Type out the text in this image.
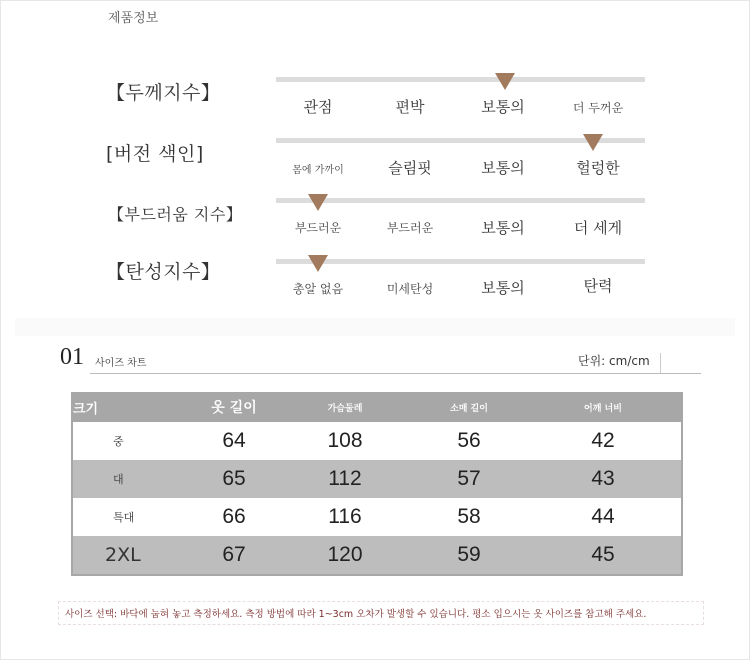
제품정보
【두께지수】
관점	편박	보통의	더 두꺼운
[버전 색인]
몸에 가까이	슬림핏	보통의	헐렁한
【부드러움 지수】
부드러운	부드러운	보통의	더 세게
【탄성지수】
총알 없음	미세탄성	보통의	탄력
01 사이즈 차트	단위: cm/cm
크기	옷 길이	가슴둘레	소매 길이	어깨 너비
중	64	108	56	42
대	65	112	57	43
특대	66	116	58	44
2XL	67	120	59	45
사이즈 선택: 바닥에 눕혀 놓고 측정하세요. 측정 방법에 따라 1~3cm 오차가 발생할 수 있습니다. 평소 입으시는 옷 사이즈를 참고해 주세요.
